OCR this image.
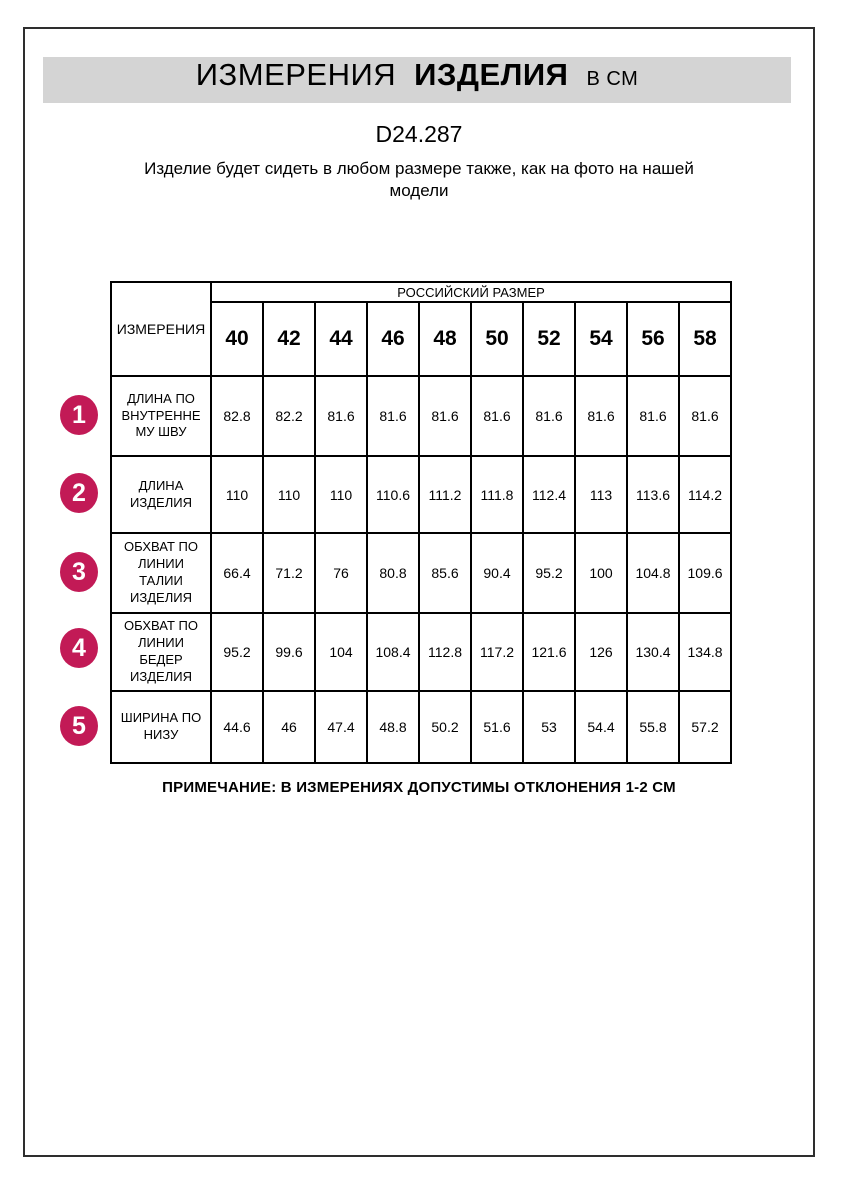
ИЗМЕРЕНИЯ ИЗДЕЛИЯ В СМ
D24.287
Изделие будет сидеть в любом размере также, как на фото на нашей модели
1
2
3
4
5
ИЗМЕРЕНИЯ	РОССИЙСКИЙ РАЗМЕР									
	40	42	44	46	48	50	52	54	56	58
ДЛИНА ПО
ВНУТРЕННЕ
МУ ШВУ	82.8	82.2	81.6	81.6	81.6	81.6	81.6	81.6	81.6	81.6
ДЛИНА
ИЗДЕЛИЯ	110	110	110	110.6	111.2	111.8	112.4	113	113.6	114.2
ОБХВАТ ПО
ЛИНИИ
ТАЛИИ
ИЗДЕЛИЯ	66.4	71.2	76	80.8	85.6	90.4	95.2	100	104.8	109.6
ОБХВАТ ПО
ЛИНИИ
БЕДЕР
ИЗДЕЛИЯ	95.2	99.6	104	108.4	112.8	117.2	121.6	126	130.4	134.8
ШИРИНА ПО
НИЗУ	44.6	46	47.4	48.8	50.2	51.6	53	54.4	55.8	57.2
ПРИМЕЧАНИЕ: В ИЗМЕРЕНИЯХ ДОПУСТИМЫ ОТКЛОНЕНИЯ 1-2 СМ
